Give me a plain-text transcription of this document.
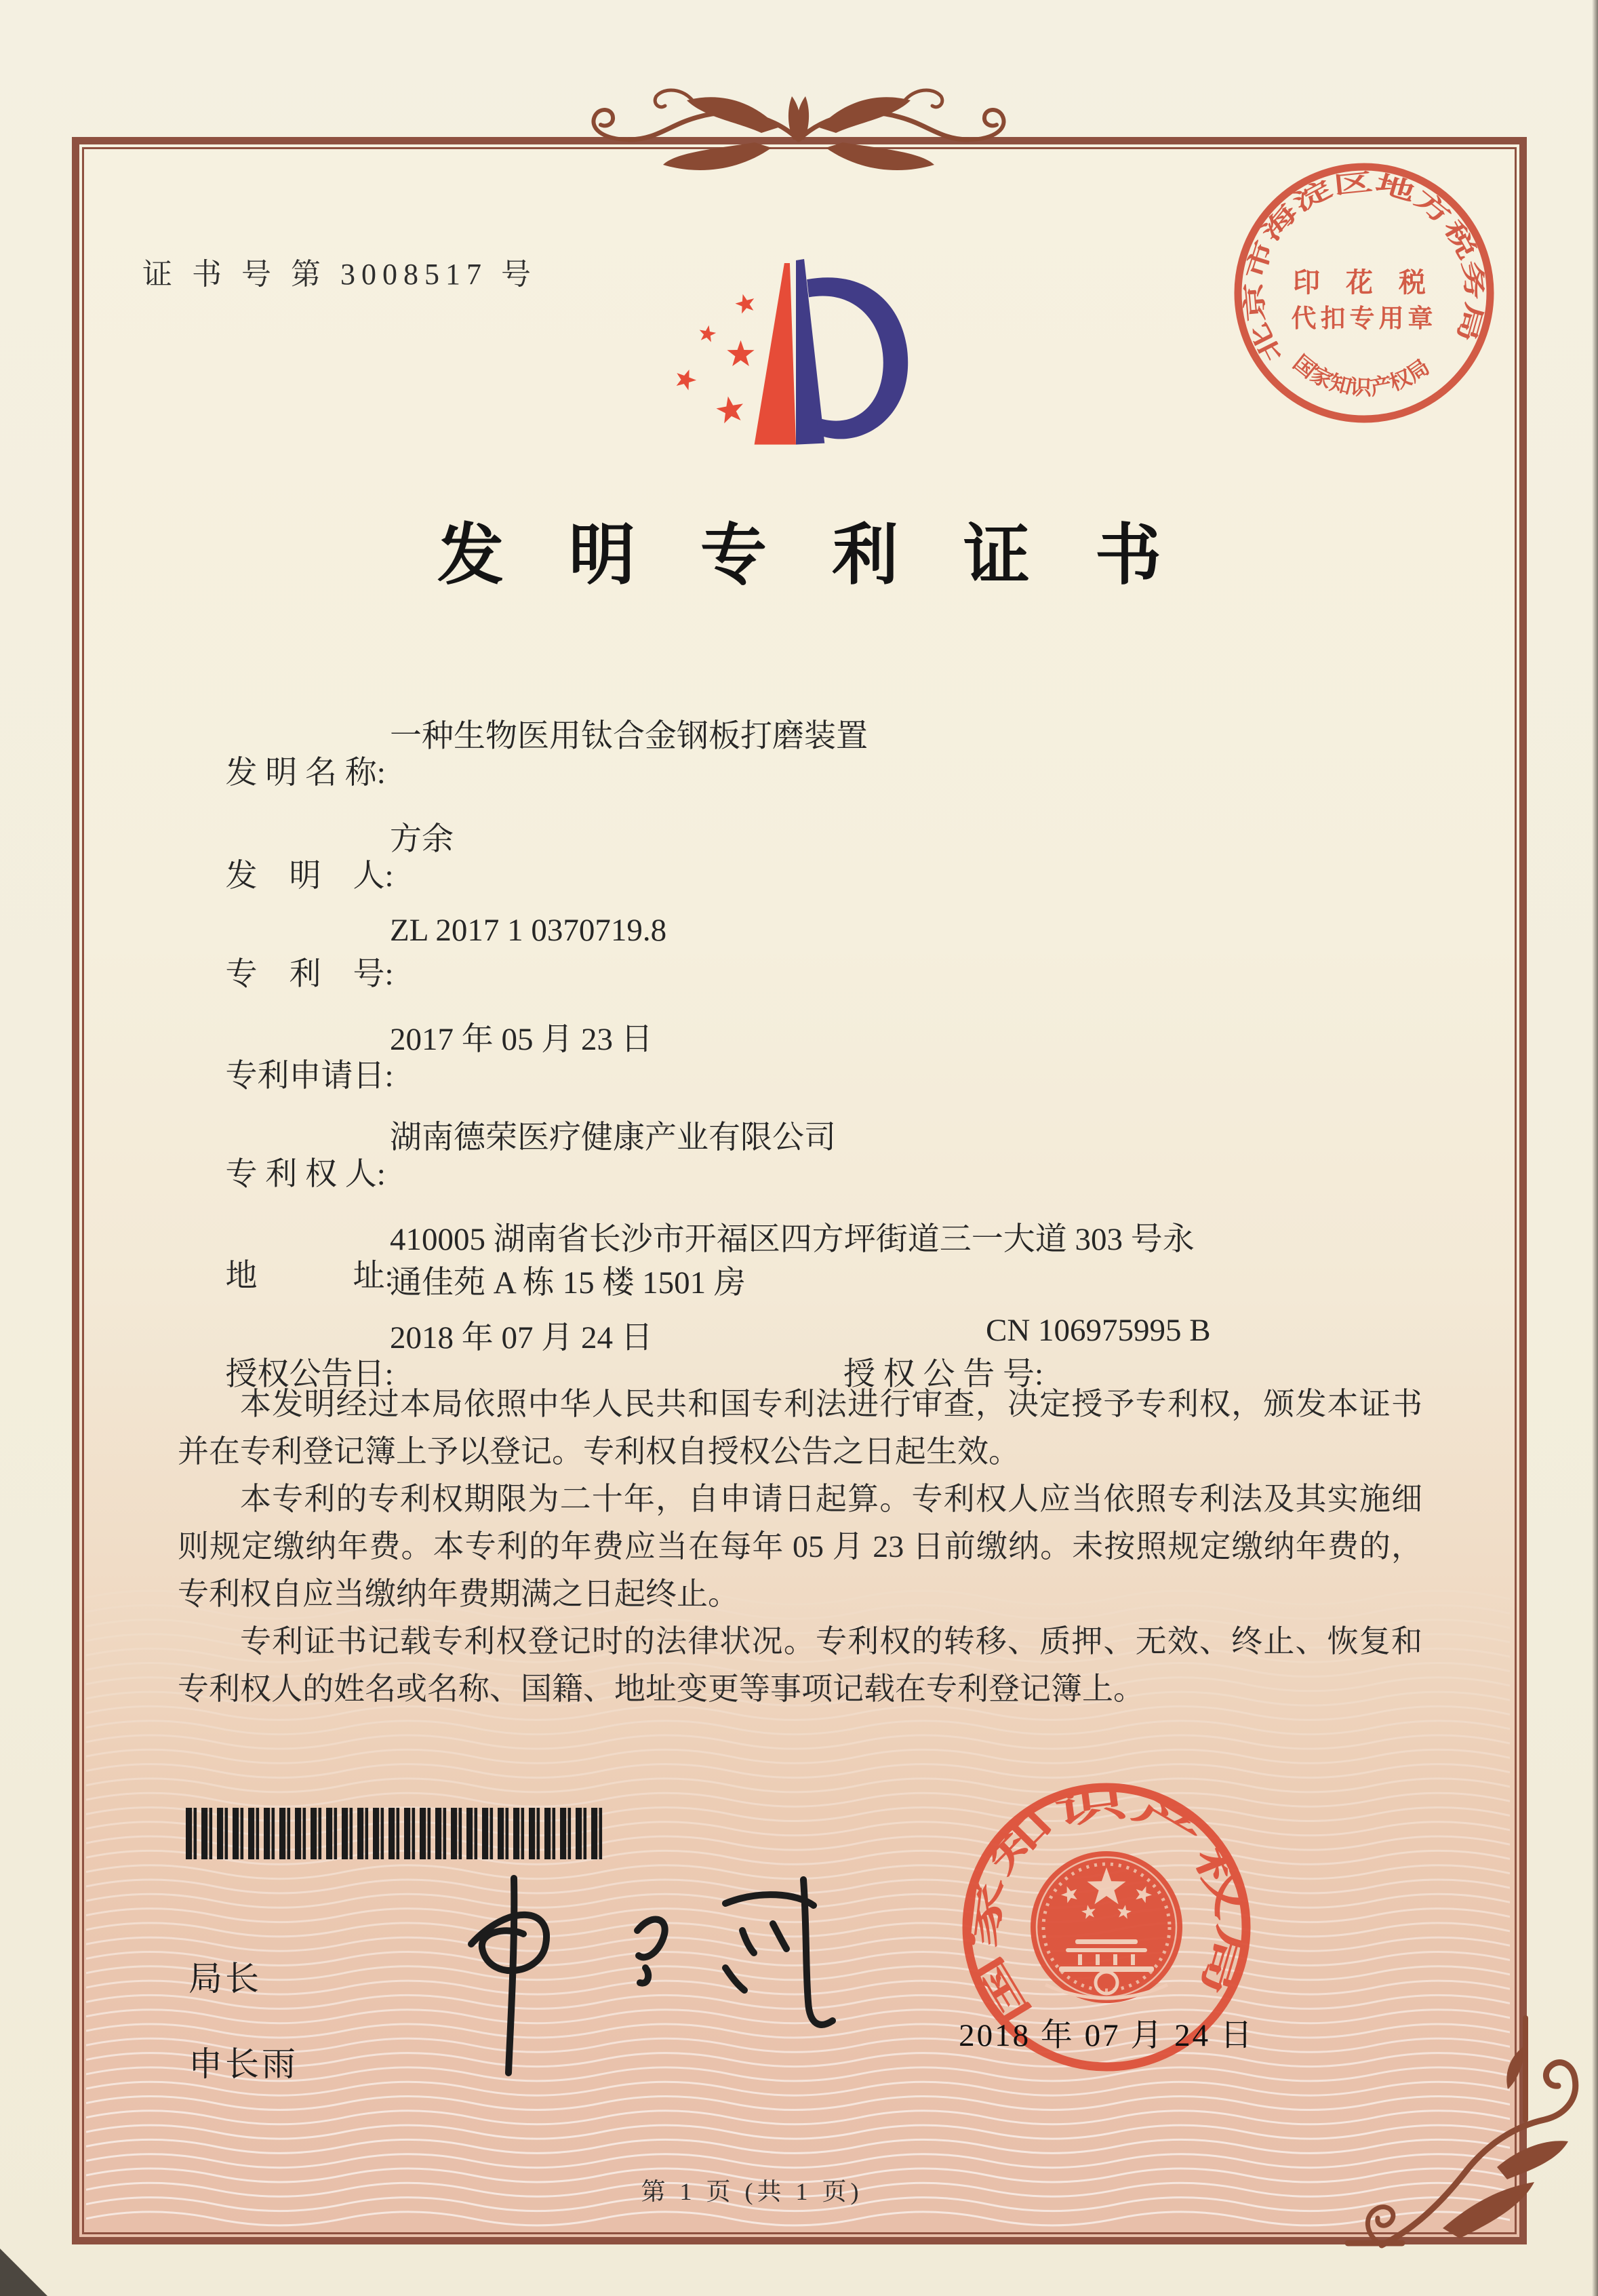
证 书 号 第 3008517 号
北京市海淀区地方税务局
国家知识产权局
印 花 税
代扣专用章
发明专利证书

发 明 名 称:

一种生物医用钛合金钢板打磨装置

发　明　人:

方余

专　利　号:

ZL 2017 1 0370719.8

专利申请日:

2017 年 05 月 23 日

专 利 权 人:

湖南德荣医疗健康产业有限公司

地　　　址:

410005 湖南省长沙市开福区四方坪街道三一大道 303 号永

通佳苑 A 栋 15 楼 1501 房

授权公告日:

2018 年 07 月 24 日

授 权 公 告 号:

CN 106975995 B

本发明经过本局依照中华人民共和国专利法进行审查，决定授予专利权，颁发本证书并在专利登记簿上予以登记。专利权自授权公告之日起生效。

本专利的专利权期限为二十年，自申请日起算。专利权人应当依照专利法及其实施细则规定缴纳年费。本专利的年费应当在每年 05 月 23 日前缴纳。未按照规定缴纳年费的，专利权自应当缴纳年费期满之日起终止。

专利证书记载专利权登记时的法律状况。专利权的转移、质押、无效、终止、恢复和专利权人的姓名或名称、国籍、地址变更等事项记载在专利登记簿上。

局长
申长雨
国家知识产权局
2018 年 07 月 24 日
第 1 页 (共 1 页)
